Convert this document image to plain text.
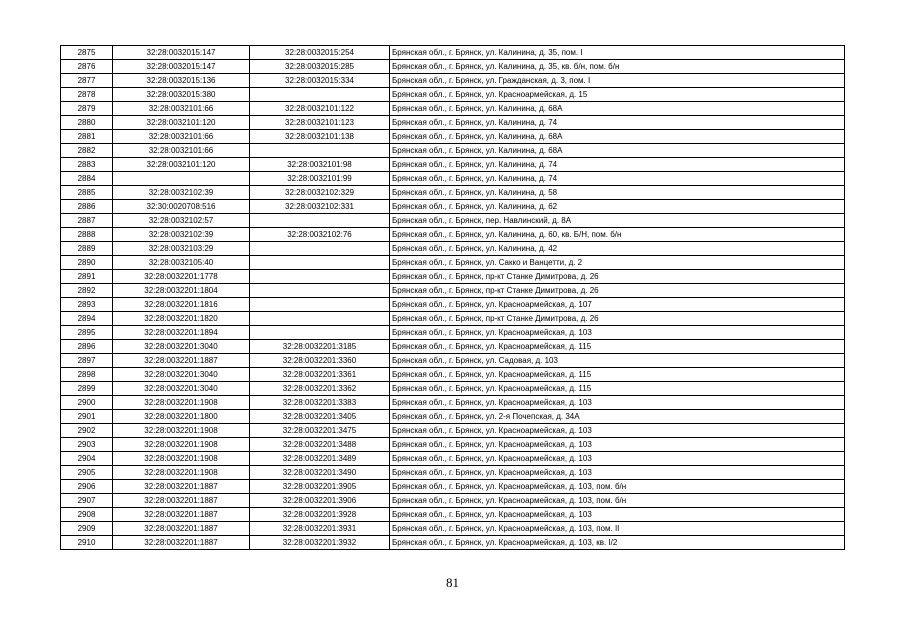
2875	32:28:0032015:147	32:28:0032015:254	Брянская обл., г. Брянск, ул. Калинина, д. 35, пом. I
2876	32:28:0032015:147	32:28:0032015:285	Брянская обл., г. Брянск, ул. Калинина, д. 35, кв. б/н, пом. б/н
2877	32:28:0032015:136	32:28:0032015:334	Брянская обл., г. Брянск, ул. Гражданская, д. 3, пом. I
2878	32:28:0032015:380		Брянская обл., г. Брянск, ул. Красноармейская, д. 15
2879	32:28:0032101:66	32:28:0032101:122	Брянская обл., г. Брянск, ул. Калинина, д. 68А
2880	32:28:0032101:120	32:28:0032101:123	Брянская обл., г. Брянск, ул. Калинина, д. 74
2881	32:28:0032101:66	32:28:0032101:138	Брянская обл., г. Брянск, ул. Калинина, д. 68А
2882	32:28:0032101:66		Брянская обл., г. Брянск, ул. Калинина, д. 68А
2883	32:28:0032101:120	32:28:0032101:98	Брянская обл., г. Брянск, ул. Калинина, д. 74
2884		32:28:0032101:99	Брянская обл., г. Брянск, ул. Калинина, д. 74
2885	32:28:0032102:39	32:28:0032102:329	Брянская обл., г. Брянск, ул. Калинина, д. 58
2886	32:30:0020708:516	32:28:0032102:331	Брянская обл., г. Брянск, ул. Калинина, д. 62
2887	32:28:0032102:57		Брянская обл., г. Брянск, пер. Навлинский, д. 8А
2888	32:28:0032102:39	32:28:0032102:76	Брянская обл., г. Брянск, ул. Калинина, д. 60, кв. Б/Н, пом. б/н
2889	32:28:0032103:29		Брянская обл., г. Брянск, ул. Калинина, д. 42
2890	32:28:0032105:40		Брянская обл., г. Брянск, ул. Сакко и Ванцетти, д. 2
2891	32:28:0032201:1778		Брянская обл., г. Брянск, пр-кт Станке Димитрова, д. 26
2892	32:28:0032201:1804		Брянская обл., г. Брянск, пр-кт Станке Димитрова, д. 26
2893	32:28:0032201:1816		Брянская обл., г. Брянск, ул. Красноармейская, д. 107
2894	32:28:0032201:1820		Брянская обл., г. Брянск, пр-кт Станке Димитрова, д. 26
2895	32:28:0032201:1894		Брянская обл., г. Брянск, ул. Красноармейская, д. 103
2896	32:28:0032201:3040	32:28:0032201:3185	Брянская обл., г. Брянск, ул. Красноармейская, д. 115
2897	32:28:0032201:1887	32:28:0032201:3360	Брянская обл., г. Брянск, ул. Садовая, д. 103
2898	32:28:0032201:3040	32:28:0032201:3361	Брянская обл., г. Брянск, ул. Красноармейская, д. 115
2899	32:28:0032201:3040	32:28:0032201:3362	Брянская обл., г. Брянск, ул. Красноармейская, д. 115
2900	32:28:0032201:1908	32:28:0032201:3383	Брянская обл., г. Брянск, ул. Красноармейская, д. 103
2901	32:28:0032201:1800	32:28:0032201:3405	Брянская обл., г. Брянск, ул. 2-я Почепская, д. 34А
2902	32:28:0032201:1908	32:28:0032201:3475	Брянская обл., г. Брянск, ул. Красноармейская, д. 103
2903	32:28:0032201:1908	32:28:0032201:3488	Брянская обл., г. Брянск, ул. Красноармейская, д. 103
2904	32:28:0032201:1908	32:28:0032201:3489	Брянская обл., г. Брянск, ул. Красноармейская, д. 103
2905	32:28:0032201:1908	32:28:0032201:3490	Брянская обл., г. Брянск, ул. Красноармейская, д. 103
2906	32:28:0032201:1887	32:28:0032201:3905	Брянская обл., г. Брянск, ул. Красноармейская, д. 103, пом. б/н
2907	32:28:0032201:1887	32:28:0032201:3906	Брянская обл., г. Брянск, ул. Красноармейская, д. 103, пом. б/н
2908	32:28:0032201:1887	32:28:0032201:3928	Брянская обл., г. Брянск, ул. Красноармейская, д. 103
2909	32:28:0032201:1887	32:28:0032201:3931	Брянская обл., г. Брянск, ул. Красноармейская, д. 103, пом. II
2910	32:28:0032201:1887	32:28:0032201:3932	Брянская обл., г. Брянск, ул. Красноармейская, д. 103, кв. I/2
81
